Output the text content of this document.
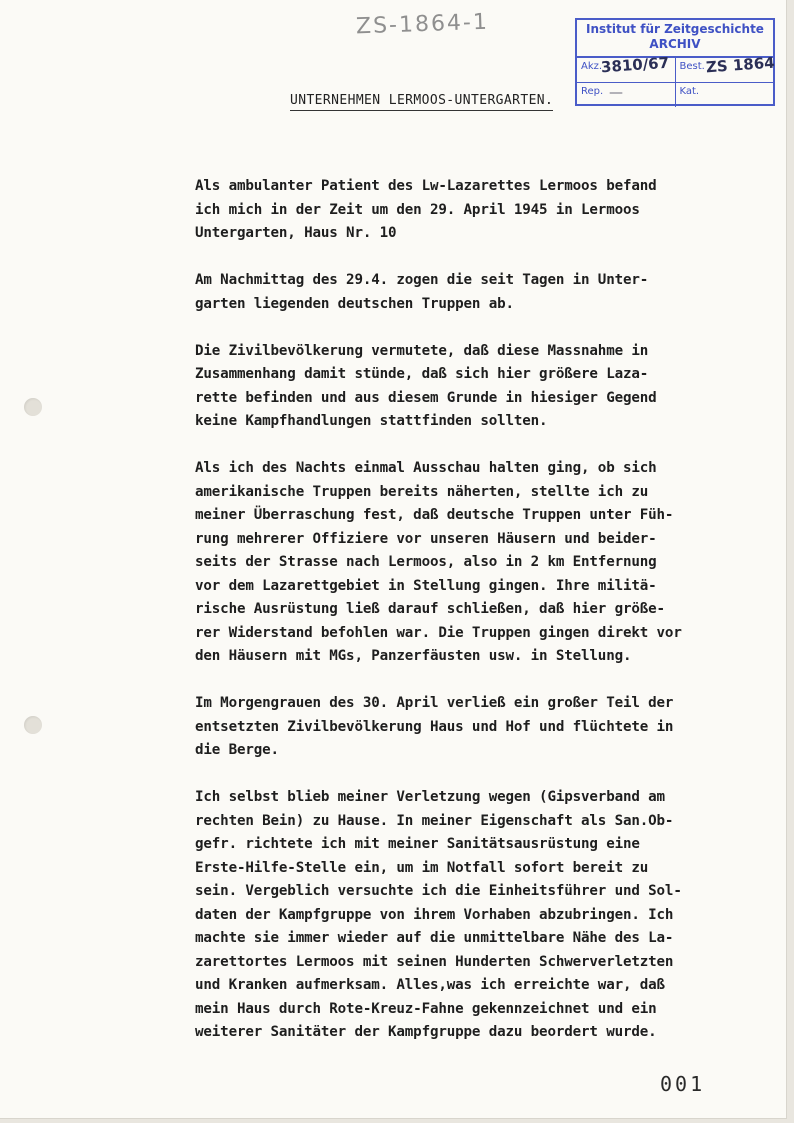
ZS-1864-1	Institut für Zeitgeschichte
ARCHIV
Akz.
3810/67 Best. ZS 1864
Rep. —	Kat.
UNTERNEHMEN LERMOOS-UNTERGARTEN.
Als ambulanter Patient des Lw-Lazarettes Lermoos befand
ich mich in der Zeit um den 29. April 1945 in Lermoos
Untergarten, Haus Nr. 10
Am Nachmittag des 29.4. zogen die seit Tagen in Unter-
garten liegenden deutschen Truppen ab.
Die Zivilbevölkerung vermutete, daß diese Massnahme in
Zusammenhang damit stünde, daß sich hier größere Laza-
rette befinden und aus diesem Grunde in hiesiger Gegend
keine Kampfhandlungen stattfinden sollten.
Als ich des Nachts einmal Ausschau halten ging, ob sich
amerikanische Truppen bereits näherten, stellte ich zu
meiner Überraschung fest, daß deutsche Truppen unter Füh-
rung mehrerer Offiziere vor unseren Häusern und beider-
seits der Strasse nach Lermoos, also in 2 km Entfernung
vor dem Lazarettgebiet in Stellung gingen. Ihre militä-
rische Ausrüstung ließ darauf schließen, daß hier größe-
rer Widerstand befohlen war. Die Truppen gingen direkt vor
den Häusern mit MGs, Panzerfäusten usw. in Stellung.
Im Morgengrauen des 30. April verließ ein großer Teil der
entsetzten Zivilbevölkerung Haus und Hof und flüchtete in
die Berge.
Ich selbst blieb meiner Verletzung wegen (Gipsverband am
rechten Bein) zu Hause. In meiner Eigenschaft als San.Ob-
gefr. richtete ich mit meiner Sanitätsausrüstung eine
Erste-Hilfe-Stelle ein, um im Notfall sofort bereit zu
sein. Vergeblich versuchte ich die Einheitsführer und Sol-
daten der Kampfgruppe von ihrem Vorhaben abzubringen. Ich
machte sie immer wieder auf die unmittelbare Nähe des La-
zarettortes Lermoos mit seinen Hunderten Schwerverletzten
und Kranken aufmerksam. Alles,was ich erreichte war, daß
mein Haus durch Rote-Kreuz-Fahne gekennzeichnet und ein
weiterer Sanitäter der Kampfgruppe dazu beordert wurde.
001
